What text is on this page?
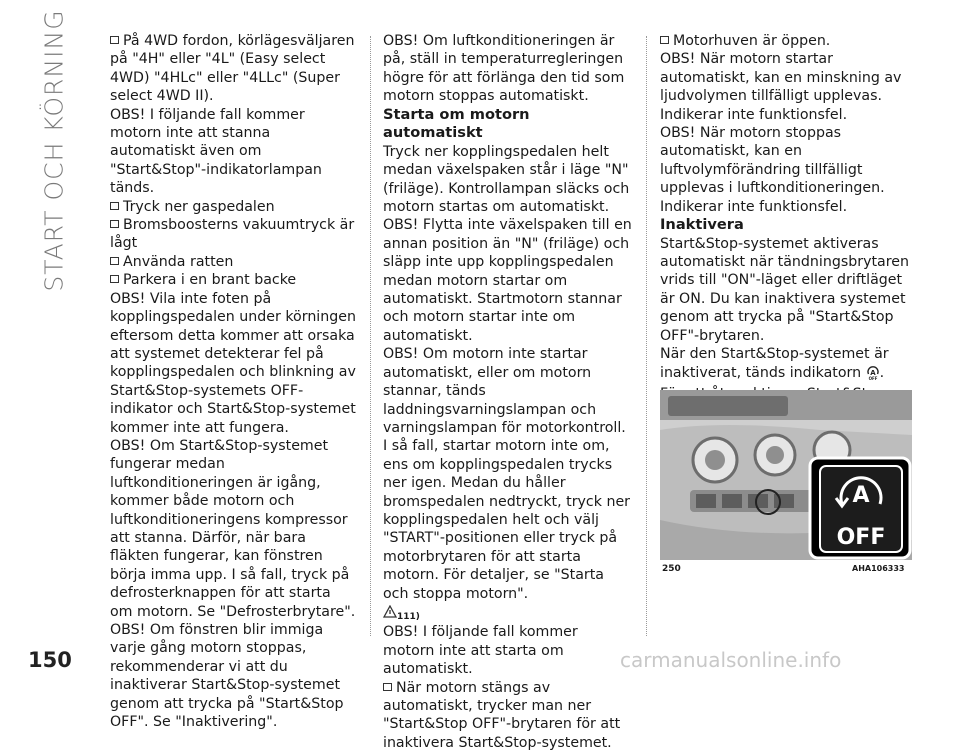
START OCH KÖRNING	På 4WD fordon, körlägesväljaren på "4H" eller "4L" (Easy select 4WD) "4HLc" eller "4LLc" (Super select 4WD II).

OBS! I följande fall kommer motorn inte att stanna automatiskt även om "Start&Stop"-indikatorlampan tänds.

Tryck ner gaspedalen

Bromsboosterns vakuumtryck är lågt

Använda ratten

Parkera i en brant backe

OBS! Vila inte foten på kopplingspedalen under körningen eftersom detta kommer att orsaka att systemet detekterar fel på kopplingspedalen och blinkning av Start&Stop-systemets OFF-indikator och Start&Stop-systemet kommer inte att fungera.

OBS! Om Start&Stop-systemet fungerar medan luftkonditioneringen är igång, kommer både motorn och luftkonditioneringens kompressor att stanna. Därför, när bara fläkten fungerar, kan fönstren börja imma upp. I så fall, tryck på defrosterknappen för att starta om motorn. Se "Defrosterbrytare".

OBS! Om fönstren blir immiga varje gång motorn stoppas, rekommenderar vi att du inaktiverar Start&Stop-systemet genom att trycka på "Start&Stop OFF". Se "Inaktivering".

OBS! Om luftkonditioneringen är på, ställ in temperaturregleringen högre för att förlänga den tid som motorn stoppas automatiskt.

Starta om motorn automatiskt

Tryck ner kopplingspedalen helt medan växelspaken står i läge "N" (friläge). Kontrollampan släcks och motorn startas om automatiskt.

OBS! Flytta inte växelspaken till en annan position än "N" (friläge) och släpp inte upp kopplingspedalen medan motorn startar om automatiskt. Startmotorn stannar och motorn startar inte om automatiskt.

OBS! Om motorn inte startar automatiskt, eller om motorn stannar, tänds laddningsvarningslampan och varningslampan för motorkontroll. I så fall, startar motorn inte om, ens om kopplingspedalen trycks ner igen. Medan du håller bromspedalen nedtryckt, tryck ner kopplingspedalen helt och välj "START"-positionen eller tryck på motorbrytaren för att starta motorn. För detaljer, se "Starta och stoppa motorn".

$_{111)}$

OBS! I följande fall kommer motorn inte att starta om automatiskt.

När motorn stängs av automatiskt, trycker man ner "Start&Stop OFF"-brytaren för att inaktivera Start&Stop-systemet.

Motorhuven är öppen.

OBS! När motorn startar automatiskt, kan en minskning av ljudvolymen tillfälligt upplevas. Indikerar inte funktionsfel.

OBS! När motorn stoppas automatiskt, kan en luftvolymförändring tillfälligt upplevas i luftkonditioneringen. Indikerar inte funktionsfel.

Inaktivera

Start&Stop-systemet aktiveras automatiskt när tändningsbrytaren vrids till "ON"-läget eller driftläget är ON. Du kan inaktivera systemet genom att trycka på "Start&Stop OFF"-brytaren.

När den Start&Stop-systemet är inaktiverat, tänds indikatorn A
OFF .

A
OFF
250	AHA106333
150	carmanualsonline.info
